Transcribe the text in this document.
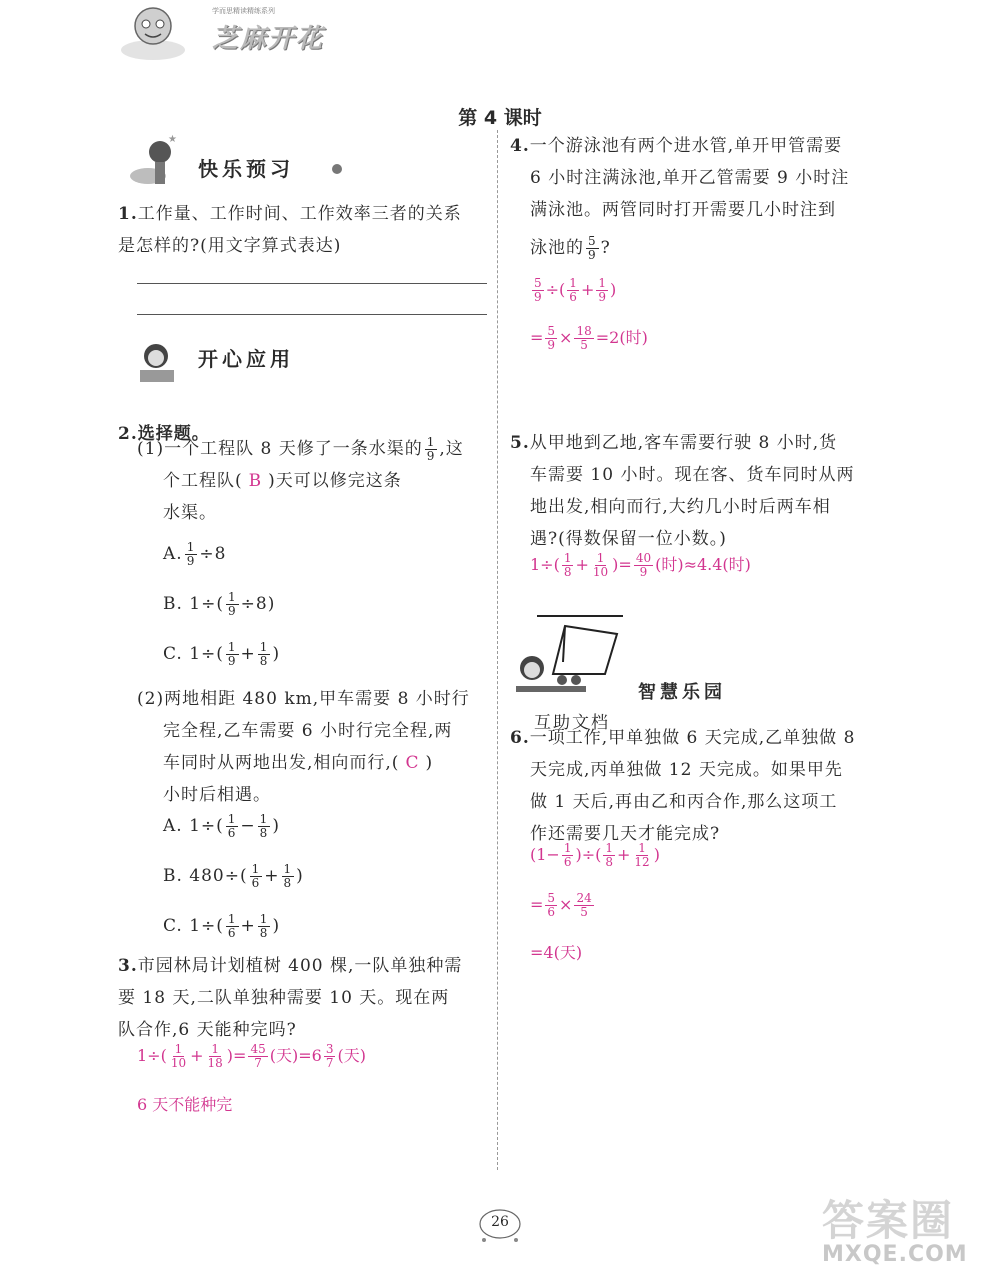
学而思精读精练系列
芝麻开花
第 4 课时
★
快乐预习
1.工作量、工作时间、工作效率三者的关系
是怎样的?(用文字算式表达)
开心应用
2.选择题。
(1)一个工程队 8 天修了一条水渠的 $\frac{1}{9}$ ,这
个工程队( B )天可以修完这条
水渠。
A. $\frac{1}{9} \div 8$
B. $1\div( \frac{1}{9} \div 8)$
C. $1\div( \frac{1}{9} + \frac{1}{8}$ )
(2)两地相距 480 km,甲车需要 8 小时行
完全程,乙车需要 6 小时行完全程,两
车同时从两地出发,相向而行,( C )
小时后相遇。
A. $1\div( \frac{1}{6} - \frac{1}{8}$ )
B. $480\div( \frac{1}{6} + \frac{1}{8}$ )
C. $1\div( \frac{1}{6} + \frac{1}{8}$ )
3.市园林局计划植树 400 棵,一队单独种需
要 18 天,二队单独种需要 10 天。现在两
队合作,6 天能种完吗?
$1\div( \frac{1}{10} + \frac{1}{18}$ )= $\frac{45}{7}$ (天)$=6 \frac{3}{7}$ (天)
6 天不能种完
4.一个游泳池有两个进水管,单开甲管需要
6 小时注满泳池,单开乙管需要 9 小时注
满泳池。两管同时打开需要几小时注到
泳池的 $\frac{5}{9}$ ?
$\frac{5}{9}$ ÷( $\frac{1}{6} + \frac{1}{9}$ )
= $\frac{5}{9} \times \frac{18}{5} =2$(时)
5.从甲地到乙地,客车需要行驶 8 小时,货
车需要 10 小时。现在客、货车同时从两
地出发,相向而行,大约几小时后两车相
遇?(得数保留一位小数。)
$1\div( \frac{1}{8} + \frac{1}{10}$ )= $\frac{40}{9}$ (时)≈4.4(时)
智慧乐园
互助文档
6.一项工作,甲单独做 6 天完成,乙单独做 8
天完成,丙单独做 12 天完成。如果甲先
做 1 天后,再由乙和丙合作,那么这项工
作还需要几天才能完成?
($1- \frac{1}{6}$ )÷( $\frac{1}{8} + \frac{1}{12}$ )
= $\frac{5}{6} \times \frac{24}{5}$
=4(天)
26	答案圈
MXQE.COM
